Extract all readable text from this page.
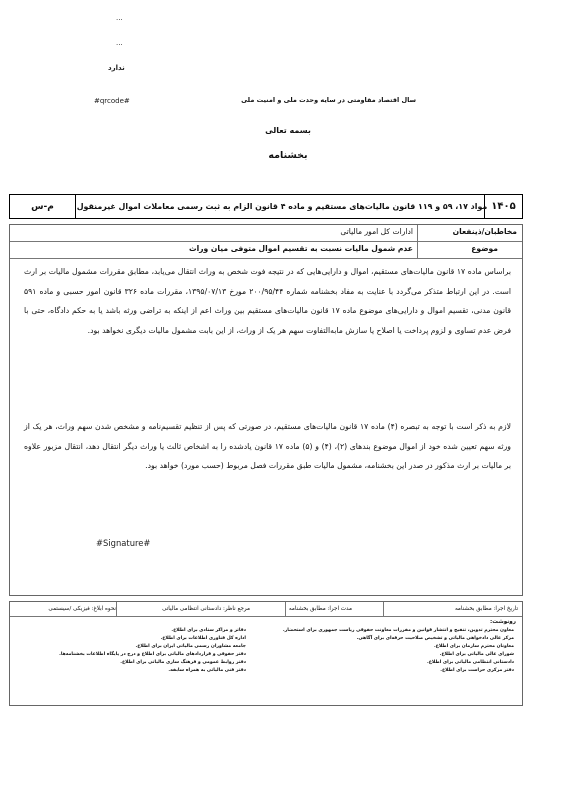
...
...
ندارد
#qrcode#	سال اقتصاد مقاومتی در سایه وحدت ملی و امنیت ملی
بسمه تعالی
بخشنامه
۱۴۰۵
مواد ۱۷، ۵۹ و ۱۱۹ قانون مالیات‌های مستقیم و ماده ۴ قانون الزام به ثبت رسمی معاملات اموال غیرمنقول
م-س
مخاطبان/ذینفعان
ادارات کل امور مالیاتی
موضوع
عدم شمول مالیات نسبت به تقسیم اموال متوفی میان وراث
براساس ماده ۱۷ قانون مالیات‌های مستقیم، اموال و دارایی‌هایی که در نتیجه فوت شخص به وراث انتقال می‌یابد، مطابق مقررات مشمول مالیات بر ارث است. در این ارتباط متذکر می‌گردد با عنایت به مفاد بخشنامه شماره ۲۰۰/۹۵/۴۴ مورخ ۱۳۹۵/۰۷/۱۳، مقررات ماده ۳۲۶ قانون امور حسبی و ماده ۵۹۱ قانون مدنی، تقسیم اموال و دارایی‌های موضوع ماده ۱۷ قانون مالیات‌های مستقیم بین وراث اعم از اینکه به تراضی ورثه باشد یا به حکم دادگاه، حتی با فرض عدم تساوی و لزوم پرداخت یا اصلاح یا سازش مابه‌التفاوت سهم هر یک از وراث، از این بابت مشمول مالیات دیگری نخواهد بود.
لازم به ذکر است با توجه به تبصره (۴) ماده ۱۷ قانون مالیات‌های مستقیم، در صورتی که پس از تنظیم تقسیم‌نامه و مشخص شدن سهم وراث، هر یک از ورثه سهم تعیین شده خود از اموال موضوع بندهای (۲)، (۴) و (۵) ماده ۱۷ قانون یادشده را به اشخاص ثالث یا وراث دیگر انتقال دهد، انتقال مزبور علاوه بر مالیات بر ارث مذکور در صدر این بخشنامه، مشمول مالیات طبق مقررات فصل مربوط (حسب مورد) خواهد بود.
#Signature#
تاریخ اجرا: مطابق بخشنامه
مدت اجرا: مطابق بخشنامه
مرجع ناظر: دادستانی انتظامی مالیاتی
نحوه ابلاغ: فیزیکی /سیستمی
رونوشت:
معاون محترم تدوین، تنقیح و انتشار قوانین و مقررات معاونت حقوقی ریاست جمهوری برای استحضار.
مرکز عالی دادخواهی مالیاتی و تشخیص صلاحیت حرفه‌ای برای آگاهی.
معاونان محترم سازمان برای اطلاع.
شورای عالی مالیاتی برای اطلاع.
دادستانی انتظامی مالیاتی برای اطلاع.
دفتر مرکزی حراست برای اطلاع.
دفاتر و مراکز ستادی برای اطلاع.
اداره کل فناوری اطلاعات برای اطلاع.
جامعه مشاوران رسمی مالیاتی ایران برای اطلاع.
دفتر حقوقی و قراردادهای مالیاتی برای اطلاع و درج در پایگاه اطلاعات بخشنامه‌ها.
دفتر روابط عمومی و فرهنگ سازی مالیاتی برای اطلاع.
دفتر فنی مالیاتی به همراه سابقه.
